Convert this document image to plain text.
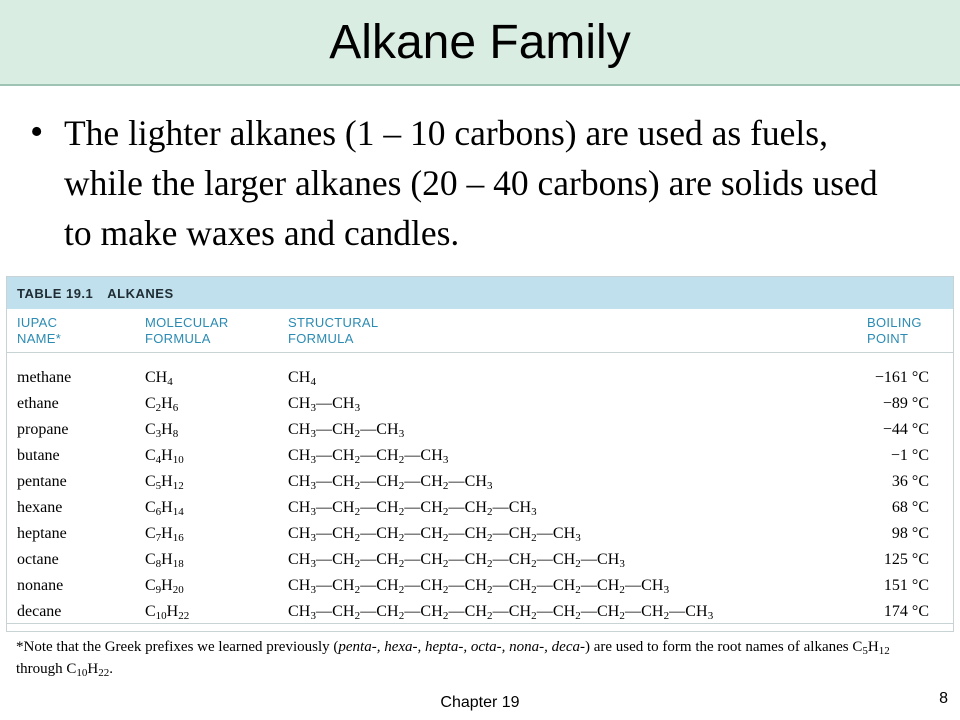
Alkane Family
• The lighter alkanes (1 – 10 carbons) are used as fuels, while the larger alkanes (20 – 40 carbons) are solids used to make waxes and candles.

TABLE 19.1 ALKANES
IUPAC
NAME*
MOLECULAR
FORMULA
STRUCTURAL
FORMULA
BOILING
POINT
methane	$CH_4$	$CH_4$	−161 °C
ethane	$C_2H_6$	$CH_3—CH_3$	−89 °C
propane	$C_3H_8$	$CH_3—CH_2—CH_3$	−44 °C
butane	$C_4H_{10}$	$CH_3—CH_2—CH_2—CH_3$	−1 °C
pentane	$C_5H_{12}$	$CH_3—CH_2—CH_2—CH_2—CH_3$	36 °C
hexane	$C_6H_{14}$	$CH_3—CH_2—CH_2—CH_2—CH_2—CH_3$	68 °C
heptane	$C_7H_{16}$	$CH_3—CH_2—CH_2—CH_2—CH_2—CH_2—CH_3$	98 °C
octane	$C_8H_{18}$	$CH_3—CH_2—CH_2—CH_2—CH_2—CH_2—CH_2—CH_3$	125 °C
nonane	$C_9H_{20}$	$CH_3—CH_2—CH_2—CH_2—CH_2—CH_2—CH_2—CH_2—CH_3$	151 °C
decane	$C_{10}H_{22}$	$CH_3—CH_2—CH_2—CH_2—CH_2—CH_2—CH_2—CH_2—CH_2—CH_3$	174 °C
*Note that the Greek prefixes we learned previously (penta-, hexa-, hepta-, octa-, nona-, deca-) are used to form the root names of alkanes $C_5H_{12}$
through $C_{10}H_{22}$.
Chapter 19	8
